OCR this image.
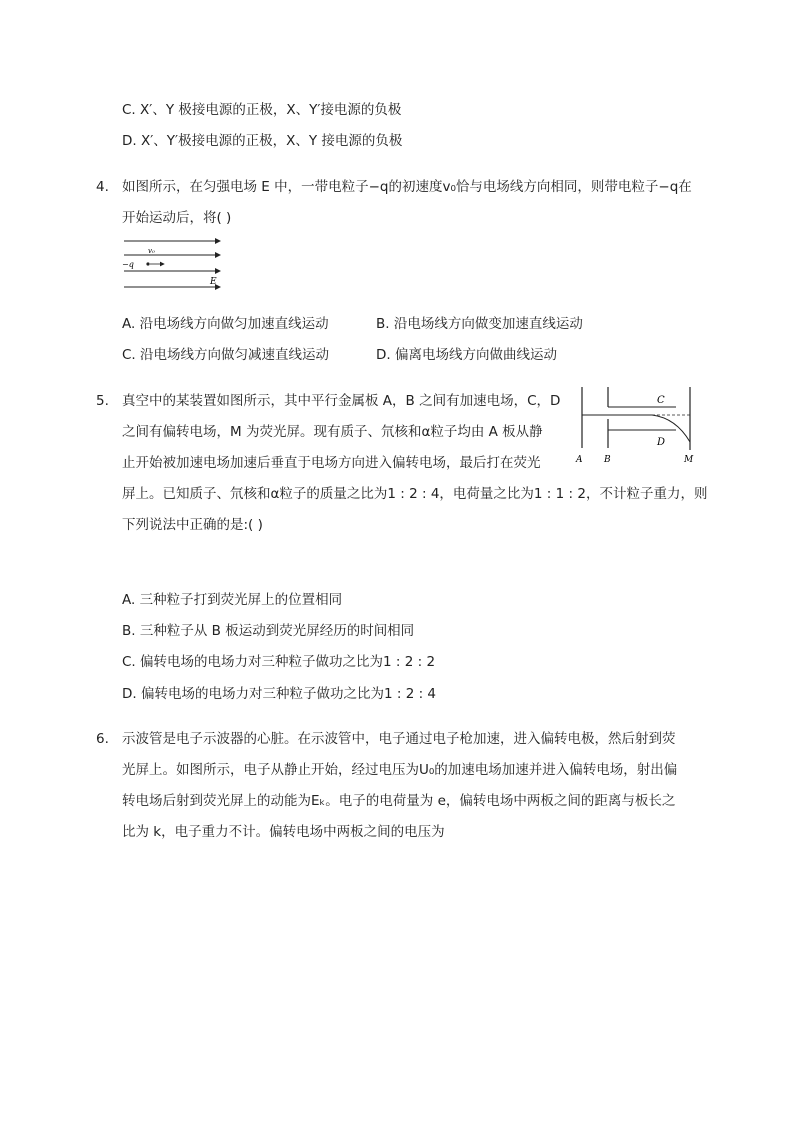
C. X′、Y 极接电源的正极，X、Y′接电源的负极
D. X′、Y′极接电源的正极，X、Y 接电源的负极
4. 如图所示，在匀强电场 E 中，一带电粒子−q的初速度v₀恰与电场线方向相同，则带电粒子−q在
开始运动后，将( )
v₀
−q
E
A. 沿电场线方向做匀加速直线运动	B. 沿电场线方向做变加速直线运动
C. 沿电场线方向做匀减速直线运动	D. 偏离电场线方向做曲线运动
5. 真空中的某装置如图所示，其中平行金属板 A，B 之间有加速电场，C，D
之间有偏转电场，M 为荧光屏。现有质子、氘核和α粒子均由 A 板从静
止开始被加速电场加速后垂直于电场方向进入偏转电场，最后打在荧光
屏上。已知质子、氘核和α粒子的质量之比为1 : 2 : 4，电荷量之比为1 : 1 : 2，不计粒子重力，则
下列说法中正确的是:( )
C
D
A B	M
A. 三种粒子打到荧光屏上的位置相同
B. 三种粒子从 B 板运动到荧光屏经历的时间相同
C. 偏转电场的电场力对三种粒子做功之比为1 : 2 : 2
D. 偏转电场的电场力对三种粒子做功之比为1 : 2 : 4
6. 示波管是电子示波器的心脏。在示波管中，电子通过电子枪加速，进入偏转电极，然后射到荧
光屏上。如图所示，电子从静止开始，经过电压为U₀的加速电场加速并进入偏转电场，射出偏
转电场后射到荧光屏上的动能为Eₖ。电子的电荷量为 e，偏转电场中两板之间的距离与板长之
比为 k，电子重力不计。偏转电场中两板之间的电压为
